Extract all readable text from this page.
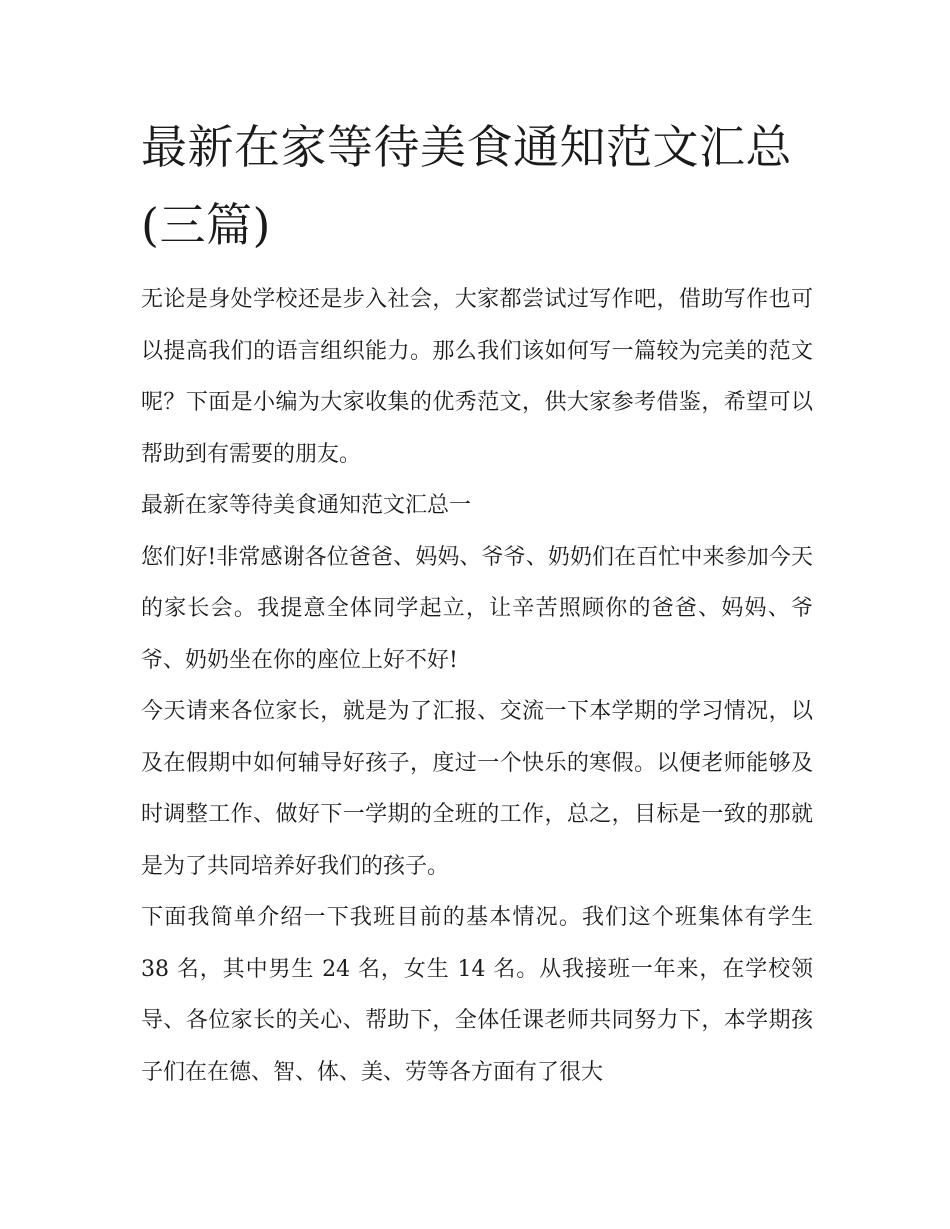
最新在家等待美食通知范文汇总(三篇)

无论是身处学校还是步入社会，大家都尝试过写作吧，借助写作也可以提高我们的语言组织能力。那么我们该如何写一篇较为完美的范文呢？下面是小编为大家收集的优秀范文，供大家参考借鉴，希望可以帮助到有需要的朋友。

最新在家等待美食通知范文汇总一

您们好!非常感谢各位爸爸、妈妈、爷爷、奶奶们在百忙中来参加今天的家长会。我提意全体同学起立，让辛苦照顾你的爸爸、妈妈、爷爷、奶奶坐在你的座位上好不好!

今天请来各位家长，就是为了汇报、交流一下本学期的学习情况，以及在假期中如何辅导好孩子，度过一个快乐的寒假。以便老师能够及时调整工作、做好下一学期的全班的工作，总之，目标是一致的那就是为了共同培养好我们的孩子。

下面我简单介绍一下我班目前的基本情况。我们这个班集体有学生 38 名，其中男生 24 名，女生 14 名。从我接班一年来，在学校领导、各位家长的关心、帮助下，全体任课老师共同努力下，本学期孩子们在在德、智、体、美、劳等各方面有了很大
